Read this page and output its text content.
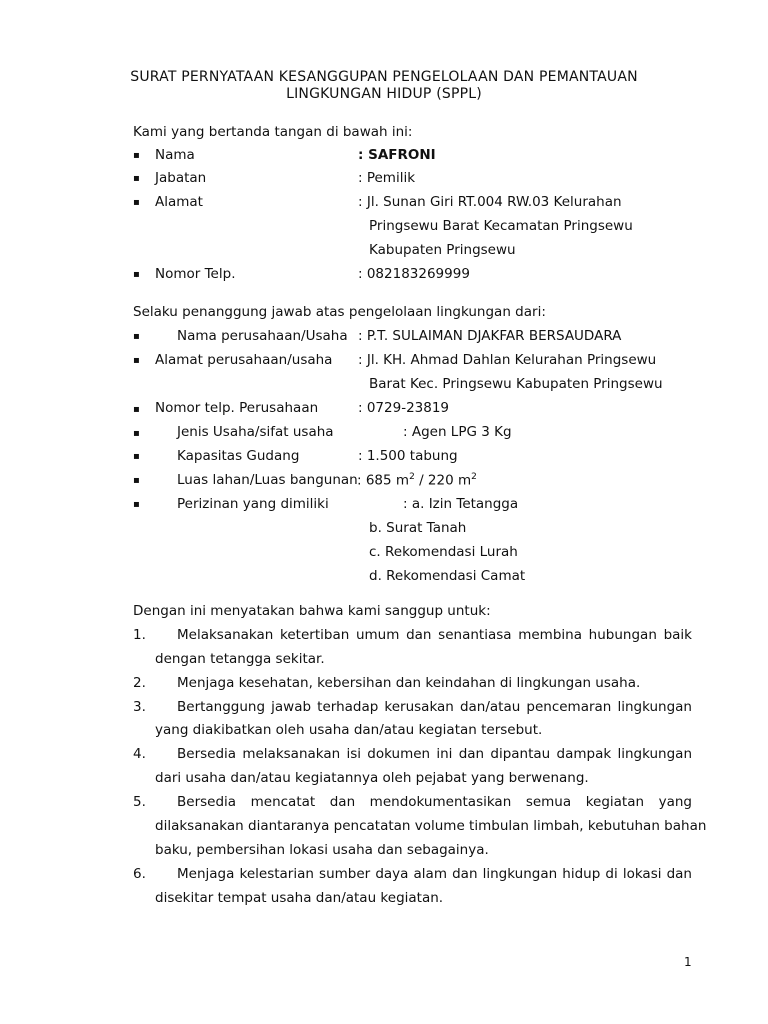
SURAT PERNYATAAN KESANGGUPAN PENGELOLAAN DAN PEMANTAUAN
LINGKUNGAN HIDUP (SPPL)
Kami yang bertanda tangan di bawah ini:
▪ Nama	: SAFRONI
▪ Jabatan	: Pemilik
▪ Alamat	: Jl. Sunan Giri RT.004 RW.03 Kelurahan
Pringsewu Barat Kecamatan Pringsewu
Kabupaten Pringsewu
▪ Nomor Telp.	: 082183269999
Selaku penanggung jawab atas pengelolaan lingkungan dari:
▪	Nama perusahaan/Usaha : P.T. SULAIMAN DJAKFAR BERSAUDARA
▪ Alamat perusahaan/usaha : Jl. KH. Ahmad Dahlan Kelurahan Pringsewu
Barat Kec. Pringsewu Kabupaten Pringsewu
▪ Nomor telp. Perusahaan	: 0729-23819
▪	Jenis Usaha/sifat usaha	: Agen LPG 3 Kg
▪	Kapasitas Gudang	: 1.500 tabung
▪	Luas lahan/Luas bangunan : 685 $m^2 / 220$ $m^2$
▪	Perizinan yang dimiliki	: a. Izin Tetangga
b. Surat Tanah
c. Rekomendasi Lurah
d. Rekomendasi Camat
Dengan ini menyatakan bahwa kami sanggup untuk:
1. Melaksanakan ketertiban umum dan senantiasa membina hubungan baik
dengan tetangga sekitar.
2. Menjaga kesehatan, kebersihan dan keindahan di lingkungan usaha.
3. Bertanggung jawab terhadap kerusakan dan/atau pencemaran lingkungan
yang diakibatkan oleh usaha dan/atau kegiatan tersebut.
4. Bersedia melaksanakan isi dokumen ini dan dipantau dampak lingkungan
dari usaha dan/atau kegiatannya oleh pejabat yang berwenang.
5. Bersedia mencatat dan mendokumentasikan semua kegiatan yang
dilaksanakan diantaranya pencatatan volume timbulan limbah, kebutuhan bahan
baku, pembersihan lokasi usaha dan sebagainya.
6. Menjaga kelestarian sumber daya alam dan lingkungan hidup di lokasi dan
disekitar tempat usaha dan/atau kegiatan.
1
